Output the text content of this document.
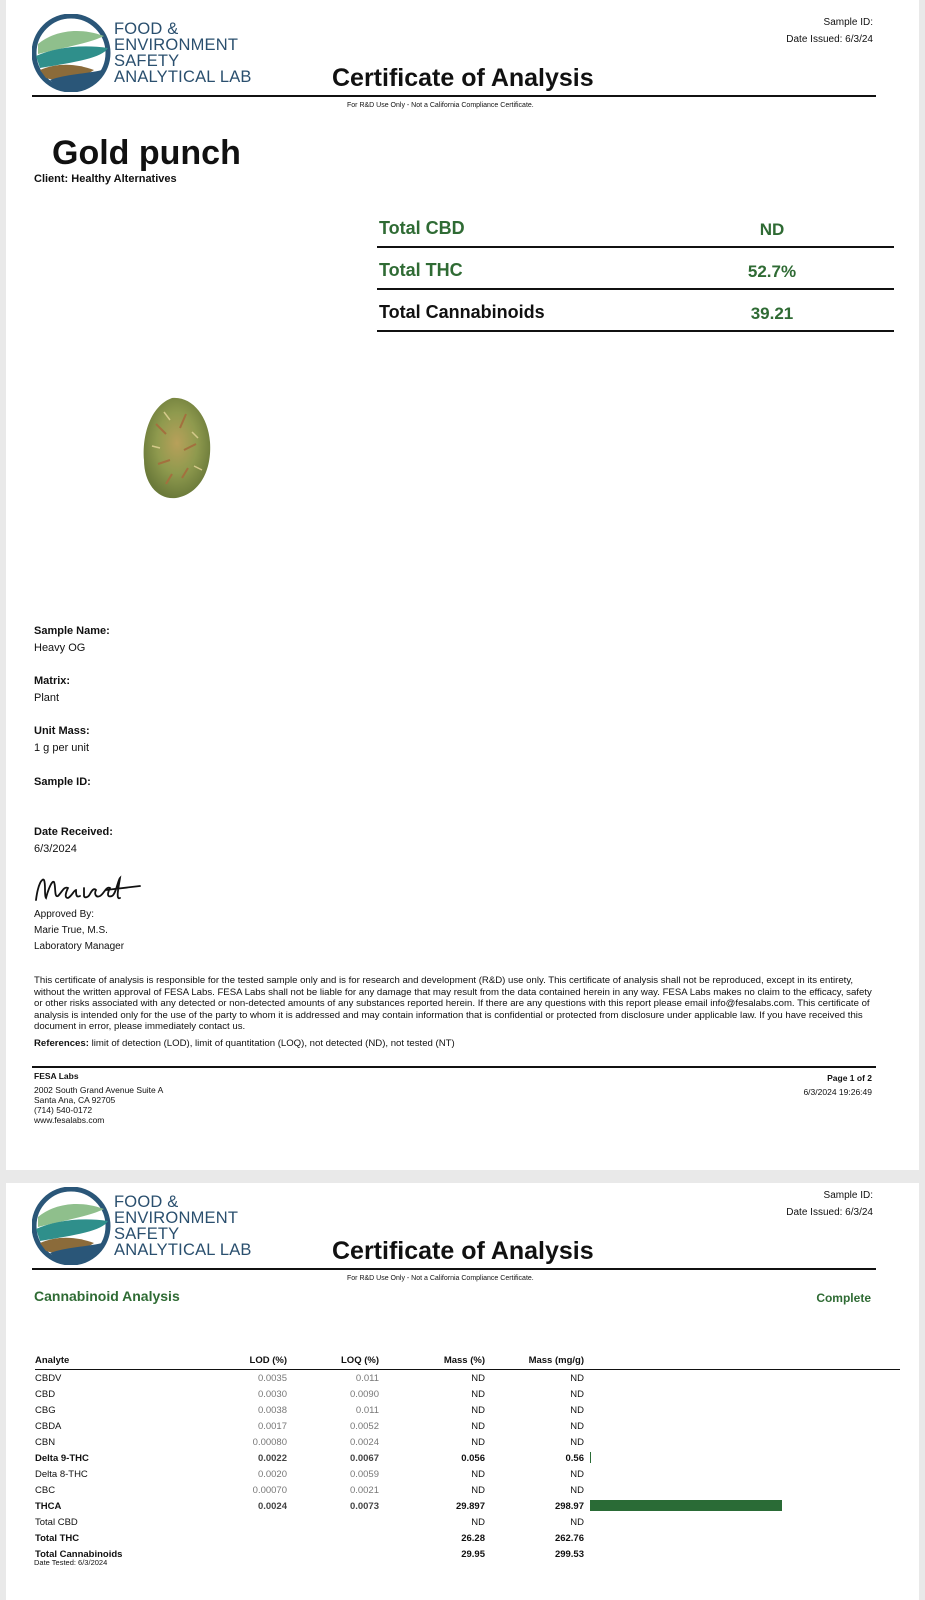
FOOD &
ENVIRONMENT
SAFETY
ANALYTICAL LAB
Sample ID:
Date Issued: 6/3/24
Certificate of Analysis
For R&D Use Only - Not a California Compliance Certificate.
Gold punch
Client: Healthy Alternatives
Total CBD	ND
Total THC	52.7%
Total Cannabinoids	39.21
Sample Name:
Heavy OG
Matrix:
Plant
Unit Mass:
1 g per unit
Sample ID:
Date Received:
6/3/2024
Approved By:
Marie True, M.S.
Laboratory Manager
This certificate of analysis is responsible for the tested sample only and is for research and development (R&D) use only. This certificate of analysis shall not be reproduced, except in its entirety, without the written approval of FESA Labs. FESA Labs shall not be liable for any damage that may result from the data contained herein in any way. FESA Labs makes no claim to the efficacy, safety or other risks associated with any detected or non-detected amounts of any substances reported herein. If there are any questions with this report please email info@fesalabs.com. This certificate of analysis is intended only for the use of the party to whom it is addressed and may contain information that is confidential or protected from disclosure under applicable law. If you have received this document in error, please immediately contact us.
References: limit of detection (LOD), limit of quantitation (LOQ), not detected (ND), not tested (NT)
FESA Labs
2002 South Grand Avenue Suite A
Santa Ana, CA 92705
(714) 540-0172
www.fesalabs.com
Page 1 of 2
6/3/2024 19:26:49
FOOD &
ENVIRONMENT
SAFETY
ANALYTICAL LAB
Sample ID:
Date Issued: 6/3/24
Certificate of Analysis
For R&D Use Only - Not a California Compliance Certificate.
Cannabinoid Analysis	Complete
Analyte	LOD (%)	LOQ (%)	Mass (%)	Mass (mg/g)	
CBDV	0.0035	0.011	ND	ND	
CBD	0.0030	0.0090	ND	ND	
CBG	0.0038	0.011	ND	ND	
CBDA	0.0017	0.0052	ND	ND	
CBN	0.00080	0.0024	ND	ND	
Delta 9-THC	0.0022	0.0067	0.056	0.56	
Delta 8-THC	0.0020	0.0059	ND	ND	
CBC	0.00070	0.0021	ND	ND	
THCA	0.0024	0.0073	29.897	298.97	
Total CBD			ND	ND	
Total THC			26.28	262.76	
Total Cannabinoids			29.95	299.53	
Date Tested: 6/3/2024
